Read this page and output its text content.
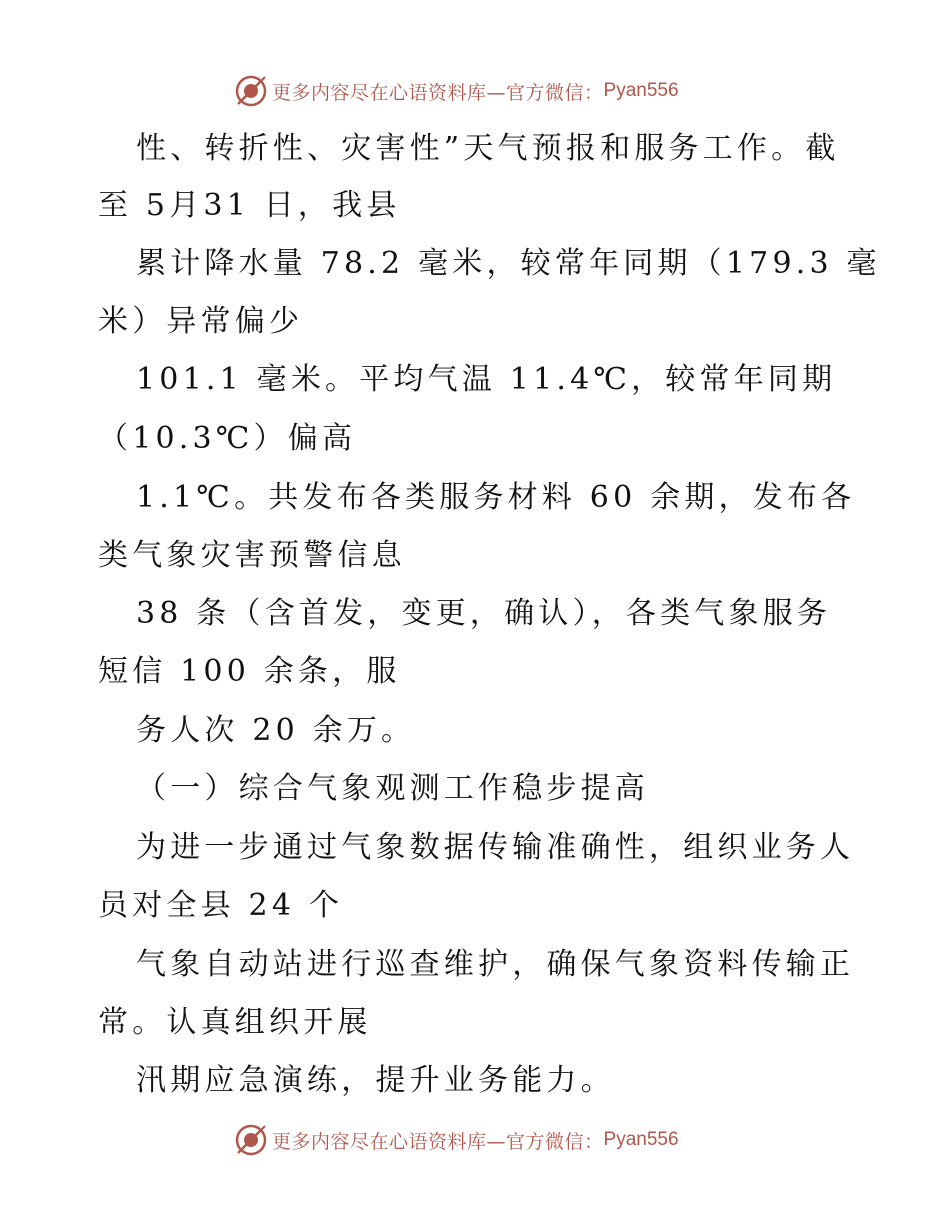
更多内容尽在心语资料库—官方微信： Pyan556
性、转折性、灾害性”天气预报和服务工作。截
至 5月31 日，我县
累计降水量 78.2 毫米，较常年同期（179.3 毫
米）异常偏少
101.1 毫米。平均气温 11.4℃，较常年同期
（10.3℃）偏高
1.1℃。共发布各类服务材料 60 余期，发布各
类气象灾害预警信息
38 条（含首发，变更，确认），各类气象服务
短信 100 余条，服
务人次 20 余万。
（一）综合气象观测工作稳步提高
为进一步通过气象数据传输准确性，组织业务人
员对全县 24 个
气象自动站进行巡查维护，确保气象资料传输正
常。认真组织开展
汛期应急演练，提升业务能力。
更多内容尽在心语资料库—官方微信： Pyan556
